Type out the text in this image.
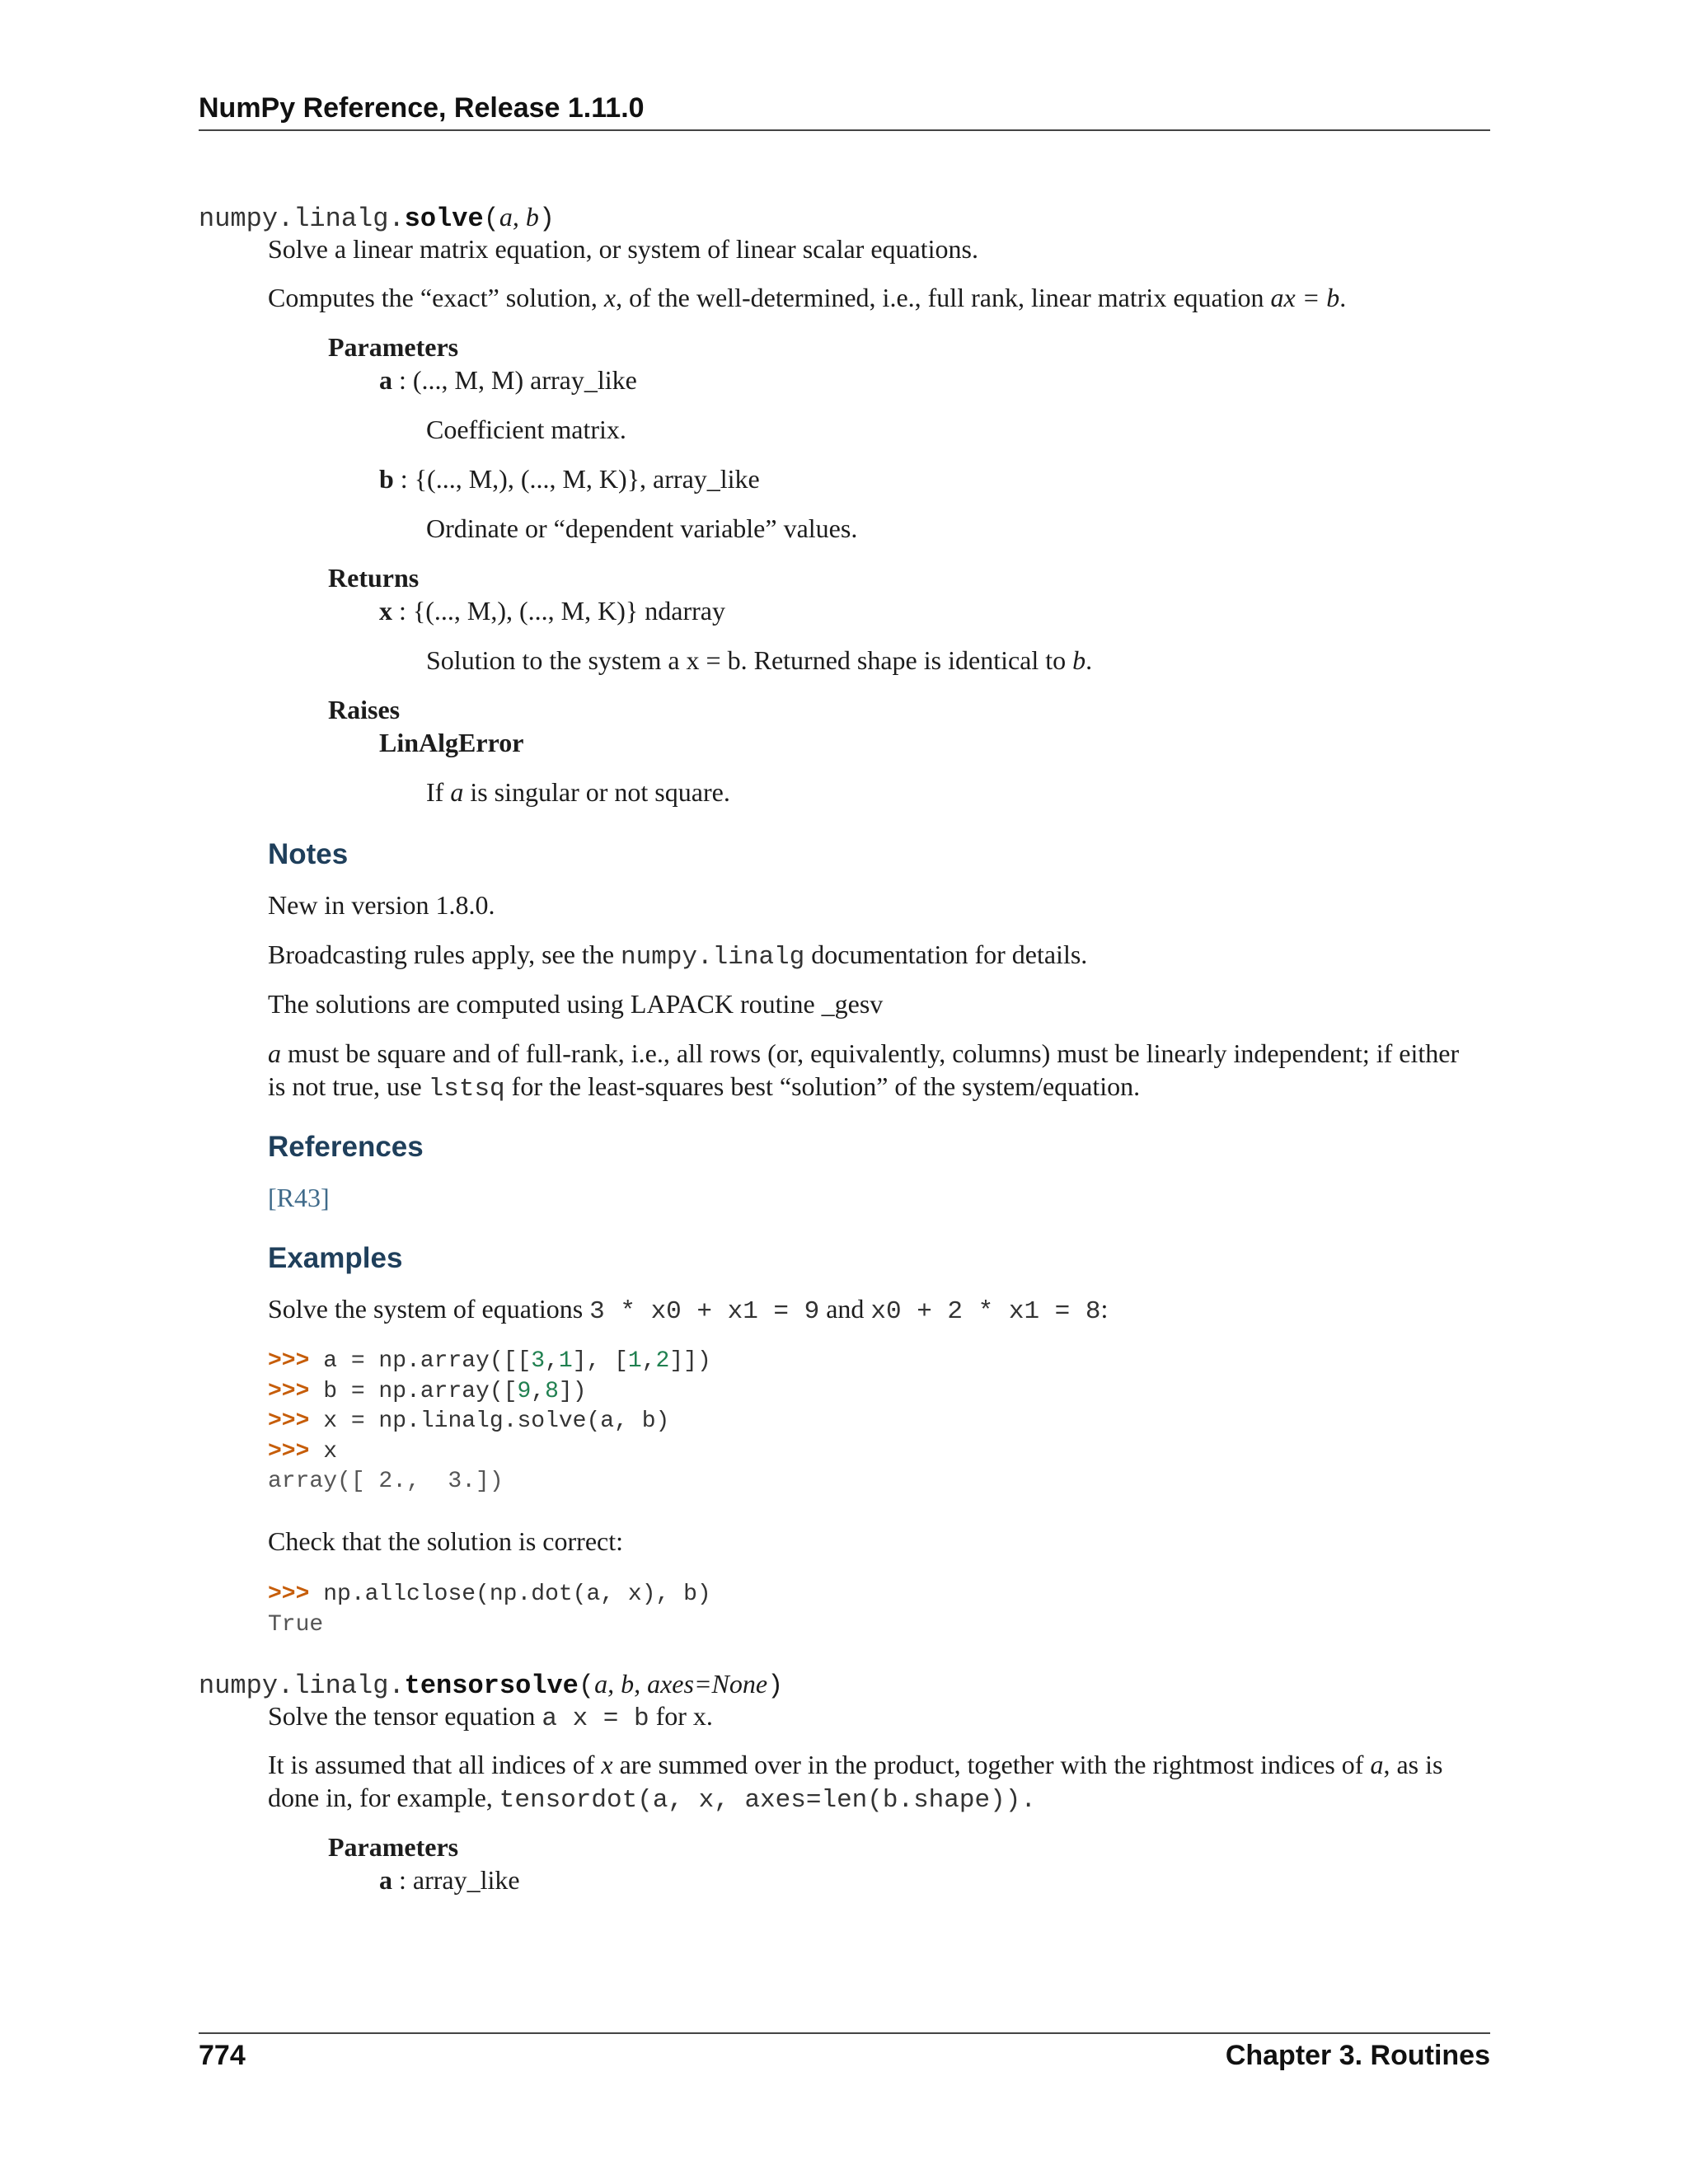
NumPy Reference, Release 1.11.0
numpy.linalg.solve(a, b)
Solve a linear matrix equation, or system of linear scalar equations.
Computes the “exact” solution, x, of the well-determined, i.e., full rank, linear matrix equation ax = b.
Parameters
a : (..., M, M) array_like
Coefficient matrix.
b : {(..., M,), (..., M, K)}, array_like
Ordinate or “dependent variable” values.
Returns
x : {(..., M,), (..., M, K)} ndarray
Solution to the system a x = b. Returned shape is identical to b.
Raises
LinAlgError
If a is singular or not square.
Notes
New in version 1.8.0.
Broadcasting rules apply, see the numpy.linalg documentation for details.
The solutions are computed using LAPACK routine _gesv
a must be square and of full-rank, i.e., all rows (or, equivalently, columns) must be linearly independent; if either
is not true, use lstsq for the least-squares best “solution” of the system/equation.
References
[R43]
Examples
Solve the system of equations 3 * x0 + x1 = 9 and x0 + 2 * x1 = 8:
>>> a = np.array([[3,1], [1,2]])
>>> b = np.array([9,8])
>>> x = np.linalg.solve(a, b)
>>> x
array([ 2.,  3.])
Check that the solution is correct:
>>> np.allclose(np.dot(a, x), b)
True
numpy.linalg.tensorsolve(a, b, axes=None)
Solve the tensor equation a x = b for x.
It is assumed that all indices of x are summed over in the product, together with the rightmost indices of a, as is
done in, for example, tensordot(a, x, axes=len(b.shape)).
Parameters
a : array_like
774	Chapter 3. Routines
